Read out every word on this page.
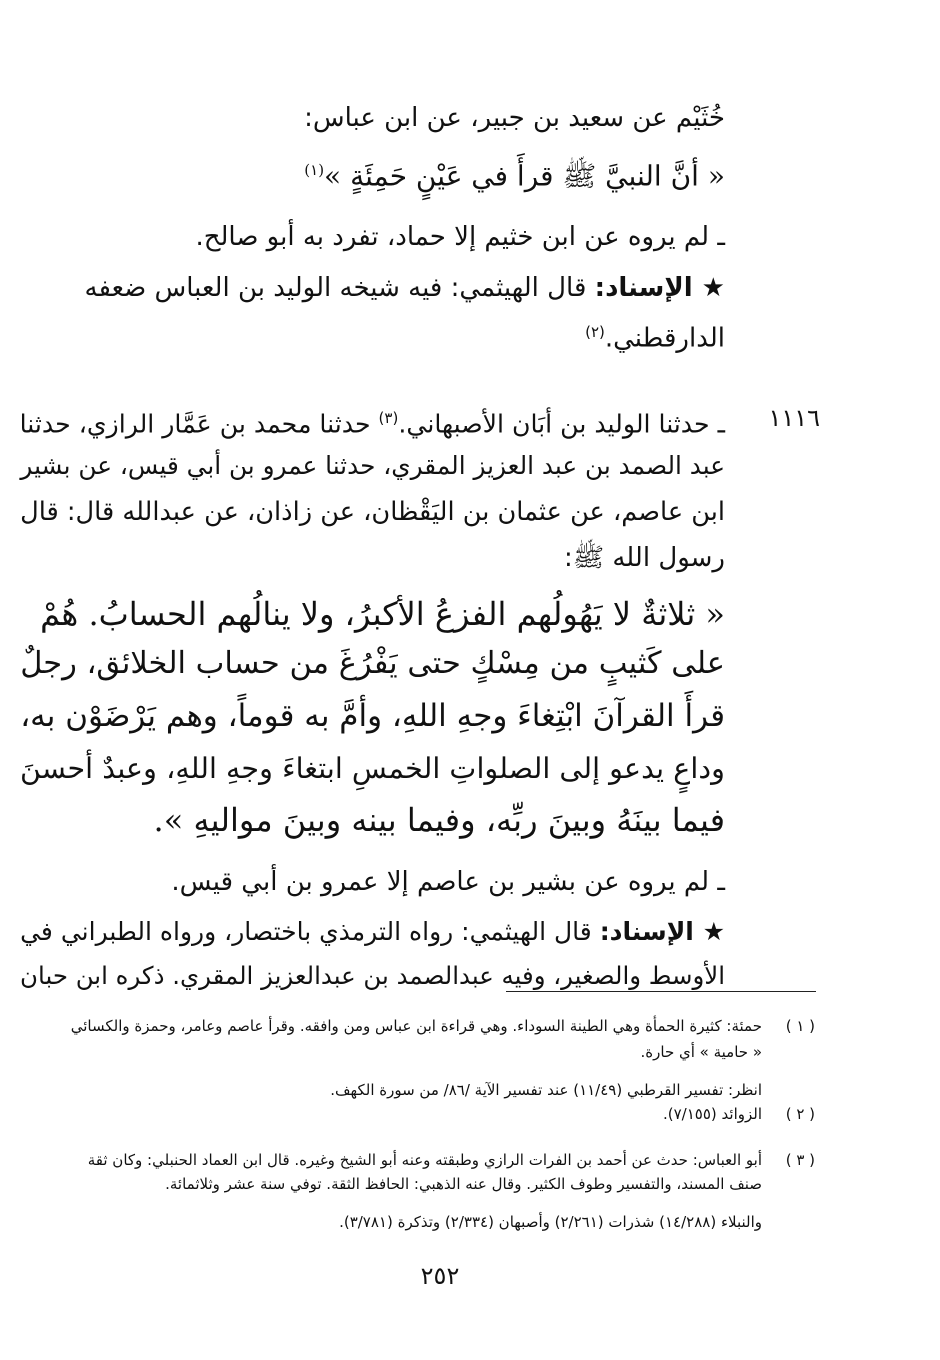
خُثَيْم عن سعيد بن جبير، عن ابن عباس:
« أنَّ النبيَّ ﷺ قرأَ في عَيْنٍ حَمِئَةٍ »$^{(١)}$
ـ لم يروه عن ابن خثيم إلا حماد، تفرد به أبو صالح.
★ الإسناد: قال الهيثمي: فيه شيخه الوليد بن العباس ضعفه
الدارقطني.$^{(٢)}$
١١١٦
ـ حدثنا الوليد بن أبَان الأصبهاني.$^{(٣)}$ حدثنا محمد بن عَمَّار الرازي، حدثنا
عبد الصمد بن عبد العزيز المقري، حدثنا عمرو بن أبي قيس، عن بشير
ابن عاصم، عن عثمان بن اليَقْظان، عن زاذان، عن عبدالله قال: قال
رسول الله ﷺ:
« ثلاثةٌ لا يَهُولُهم الفزعُ الأكبرُ، ولا ينالُهم الحسابُ. هُمْ
على كَثيبٍ من مِسْكٍ حتى يَفْرُغَ من حساب الخلائق، رجلٌ
قرأَ القرآنَ ابْتِغاءَ وجهِ اللهِ، وأمَّ به قوماً، وهم يَرْضَوْن به،
وداعٍ يدعو إلى الصلواتِ الخمسِ ابتغاءَ وجهِ اللهِ، وعبدٌ أحسنَ
فيما بينَهُ وبينَ ربِّه، وفيما بينه وبينَ مواليهِ ».
ـ لم يروه عن بشير بن عاصم إلا عمرو بن أبي قيس.
★ الإسناد: قال الهيثمي: رواه الترمذي باختصار، ورواه الطبراني في
الأوسط والصغير، وفيه عبدالصمد بن عبدالعزيز المقري. ذكره ابن حبان
( ١ )
حمئة: كثيرة الحمأة وهي الطينة السوداء. وهي قراءة ابن عباس ومن وافقه. وقرأ عاصم وعامر، وحمزة والكسائي
« حامية » أي حارة.
انظر: تفسير القرطبي (١١/٤٩) عند تفسير الآية /٨٦/ من سورة الكهف.
( ٢ )
الزوائد (٧/١٥٥).
( ٣ )
أبو العباس: حدث عن أحمد بن الفرات الرازي وطبقته وعنه أبو الشيخ وغيره. قال ابن العماد الحنبلي: وكان ثقة
صنف المسند، والتفسير وطوف الكثير. وقال عنه الذهبي: الحافظ الثقة. توفي سنة عشر وثلاثمائة.
والنبلاء (١٤/٢٨٨) شذرات (٢/٢٦١) وأصبهان (٢/٣٣٤) وتذكرة (٣/٧٨١).
٢٥٢
